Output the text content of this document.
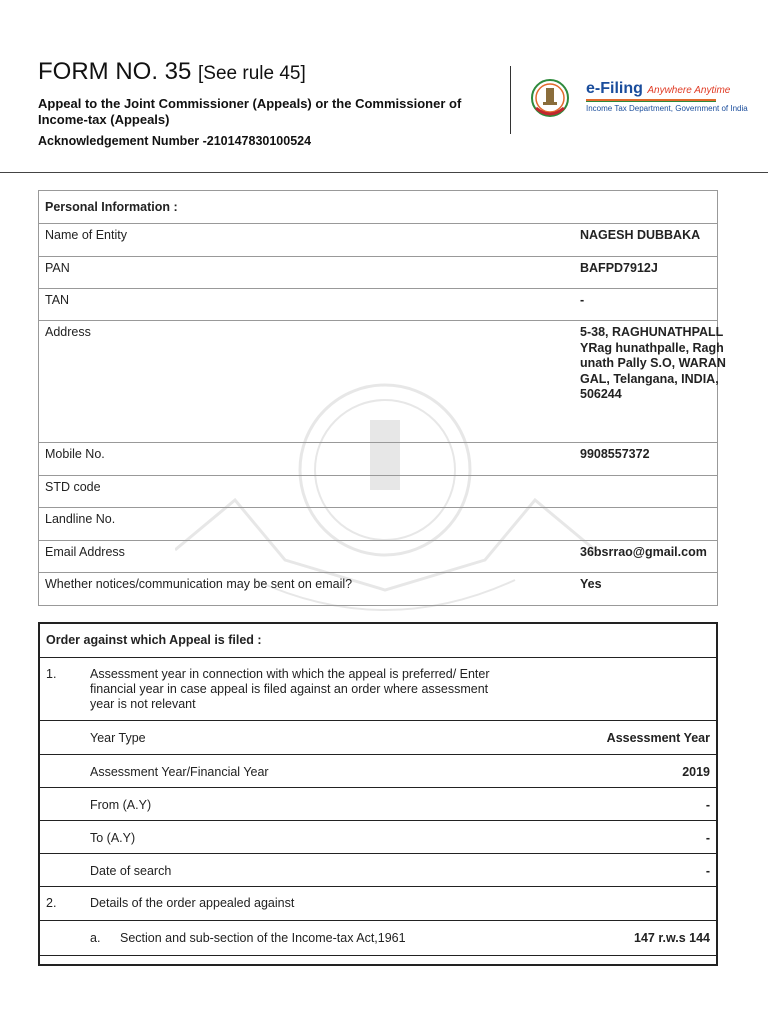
FORM NO. 35 [See rule 45]
Appeal to the Joint Commissioner (Appeals) or the Commissioner of Income-tax (Appeals)
Acknowledgement Number -210147830100524
e-Filing Anywhere Anytime
Income Tax Department, Government of India
Personal Information :
Name of Entity	NAGESH DUBBAKA
PAN	BAFPD7912J
TAN	-
Address	5-38, RAGHUNATHPALLYRag hunathpalle, Raghunath Pally S.O, WARANGAL, Telangana, INDIA, 506244
Mobile No.	9908557372
STD code
Landline No.
Email Address	36bsrrao@gmail.com
Whether notices/communication may be sent on email?	Yes
Order against which Appeal is filed :
1.	Assessment year in connection with which the appeal is preferred/ Enter financial year in case appeal is filed against an order where assessment year is not relevant
Year Type	Assessment Year
Assessment Year/Financial Year	2019
From (A.Y)	-
To (A.Y)	-
Date of search	-
2.	Details of the order appealed against
a. Section and sub-section of the Income-tax Act,1961	147 r.w.s 144
